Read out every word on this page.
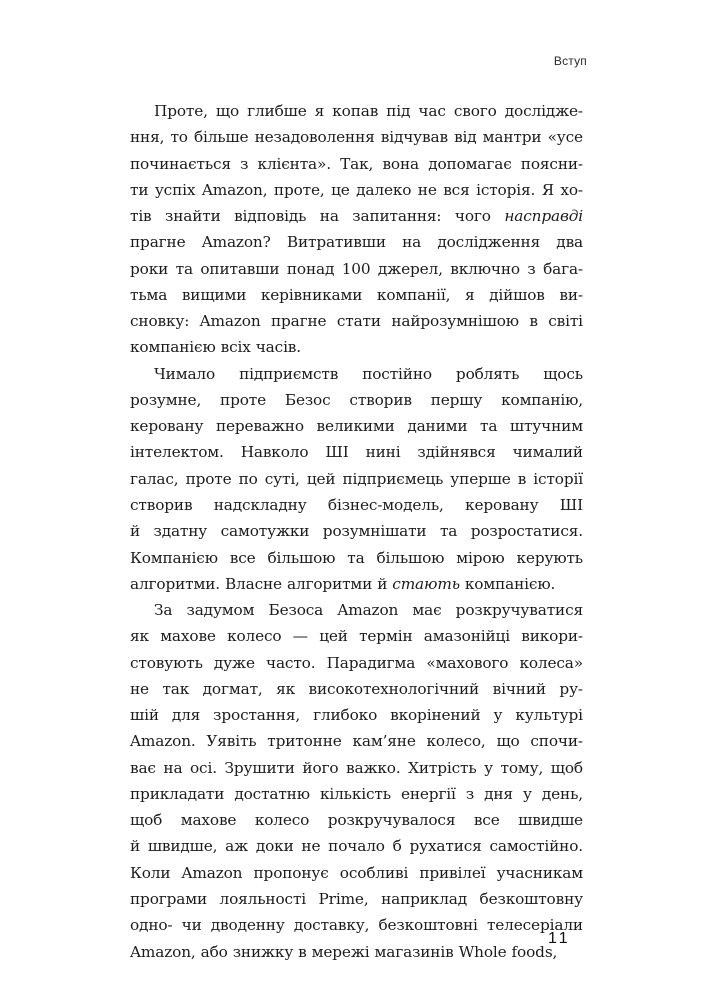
Вступ
Проте, що глибше я копав під час свого дослідже-
ння, то більше незадоволення відчував від мантри «усе
починається з клієнта». Так, вона допомагає поясни-
ти успіх Amazon, проте, це далеко не вся історія. Я хо-
тів знайти відповідь на запитання: чого насправді
прагне Amazon? Витративши на дослідження два
роки та опитавши понад 100 джерел, включно з бага-
тьма вищими керівниками компанії, я дійшов ви-
сновку: Amazon прагне стати найрозумнішою в світі
компанією всіх часів.
Чимало підприємств постійно роблять щось
розумне, проте Безос створив першу компанію,
керовану переважно великими даними та штучним
інтелектом. Навколо ШІ нині здійнявся чималий
галас, проте по суті, цей підприємець уперше в історії
створив надскладну бізнес-модель, керовану ШІ
й здатну самотужки розумнішати та розростатися.
Компанією все більшою та більшою мірою керують
алгоритми. Власне алгоритми й стають компанією.
За задумом Безоса Amazon має розкручуватися
як махове колесо — цей термін амазонійці викори-
стовують дуже часто. Парадигма «махового колеса»
не так догмат, як високотехнологічний вічний ру-
шій для зростання, глибоко вкорінений у культурі
Amazon. Уявіть тритонне кам’яне колесо, що спочи-
ває на осі. Зрушити його важко. Хитрість у тому, щоб
прикладати достатню кількість енергії з дня у день,
щоб махове колесо розкручувалося все швидше
й швидше, аж доки не почало б рухатися самостійно.
Коли Amazon пропонує особливі привілеї учасникам
програми лояльності Prime, наприклад безкоштовну
одно- чи дводенну доставку, безкоштовні телесеріали
Amazon, або знижку в мережі магазинів Whole foods,
11
